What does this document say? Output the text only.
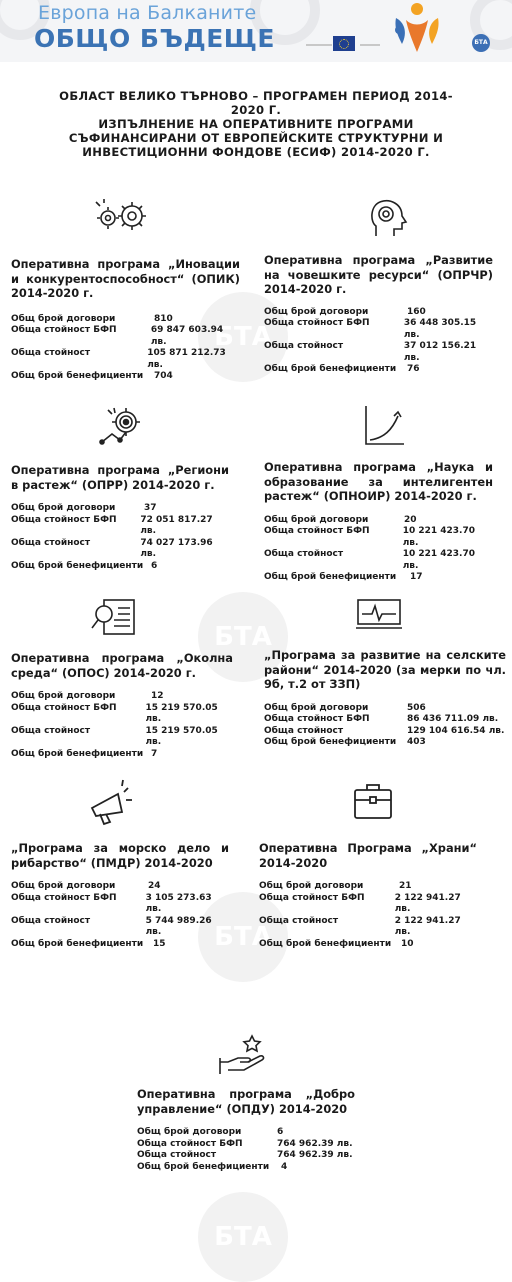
Европа на Балканите
ОБЩО БЪДЕЩЕ	БТА
БТА
БТА
БТА
БТА
ОБЛАСТ ВЕЛИКО ТЪРНОВО – ПРОГРАМЕН ПЕРИОД 2014-
2020 Г.
ИЗПЪЛНЕНИЕ НА ОПЕРАТИВНИТЕ ПРОГРАМИ
СЪФИНАНСИРАНИ ОТ ЕВРОПЕЙСКИТЕ СТРУКТУРНИ И
ИНВЕСТИЦИОННИ ФОНДОВЕ (ЕСИФ) 2014-2020 Г.
Оперативна програма „Иновации и конкурентоспособност“ (ОПИК) 2014-2020 г.
Общ брой договори	810
Обща стойност БФП	69 847 603.94 лв.
Обща стойност	105 871 212.73 лв.
Общ брой бенефициенти	704
Оперативна програма „Развитие на човешките ресурси“ (ОПРЧР) 2014-2020 г.
Общ брой договори	160
Обща стойност БФП	36 448 305.15 лв.
Обща стойност	37 012 156.21 лв.
Общ брой бенефициенти	76
Оперативна програма „Региони в растеж“ (ОПРР) 2014-2020 г.
Общ брой договори	37
Обща стойност БФП	72 051 817.27 лв.
Обща стойност	74 027 173.96 лв.
Общ брой бенефициенти 6
Оперативна програма „Наука и образование за интелигентен растеж“ (ОПНОИР) 2014-2020 г.
Общ брой договори	20
Обща стойност БФП	10 221 423.70 лв.
Обща стойност	10 221 423.70 лв.
Общ брой бенефициенти	17
Оперативна програма „Околна среда“ (ОПОС) 2014-2020 г.
Общ брой договори	12
Обща стойност БФП	15 219 570.05 лв.
Обща стойност	15 219 570.05 лв.
Общ брой бенефициенти 7
„Програма за развитие на селските райони“ 2014-2020 (за мерки по чл. 9б, т.2 от ЗЗП)
Общ брой договори	506
Обща стойност БФП	86 436 711.09 лв.
Обща стойност	129 104 616.54 лв.
Общ брой бенефициенти	403
„Програма за морско дело и рибарство“ (ПМДР) 2014-2020
Общ брой договори	24
Обща стойност БФП	3 105 273.63 лв.
Обща стойност	5 744 989.26 лв.
Общ брой бенефициенти	15
Оперативна Програма „Храни“ 2014-2020
Общ брой договори	21
Обща стойност БФП	2 122 941.27 лв.
Обща стойност	2 122 941.27 лв.
Общ брой бенефициенти	10
Оперативна програма „Добро управление“ (ОПДУ) 2014-2020
Общ брой договори	6
Обща стойност БФП	764 962.39 лв.
Обща стойност	764 962.39 лв.
Общ брой бенефициенти	4
